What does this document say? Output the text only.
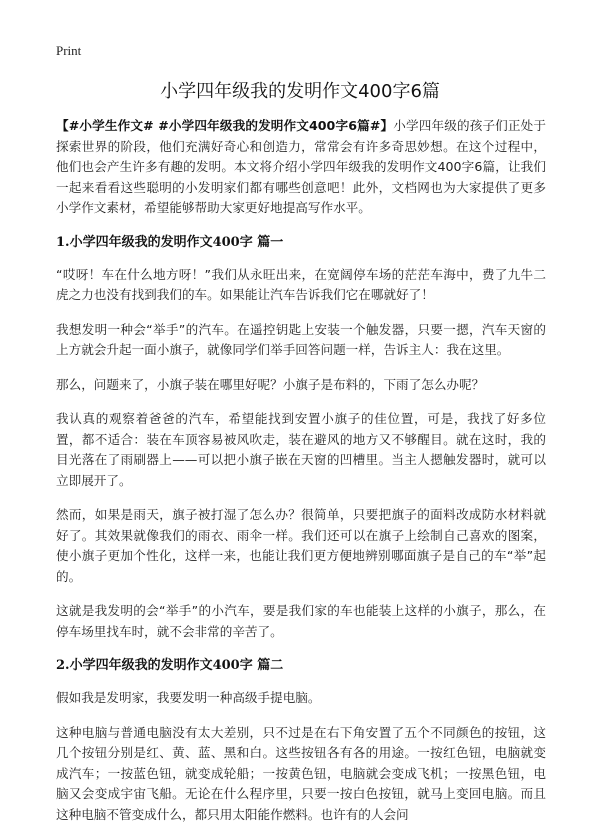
Print
小学四年级我的发明作文400字6篇

【#小学生作文# #小学四年级我的发明作文400字6篇#】小学四年级的孩子们正处于探索世界的阶段，他们充满好奇心和创造力，常常会有许多奇思妙想。在这个过程中，他们也会产生许多有趣的发明。本文将介绍小学四年级我的发明作文400字6篇，让我们一起来看看这些聪明的小发明家们都有哪些创意吧！此外，文档网也为大家提供了更多小学作文素材，希望能够帮助大家更好地提高写作水平。

1.小学四年级我的发明作文400字 篇一

“哎呀！车在什么地方呀！”我们从永旺出来，在宽阔停车场的茫茫车海中，费了九牛二虎之力也没有找到我们的车。如果能让汽车告诉我们它在哪就好了！

我想发明一种会“举手”的汽车。在遥控钥匙上安装一个触发器，只要一摁，汽车天窗的上方就会升起一面小旗子，就像同学们举手回答问题一样，告诉主人：我在这里。

那么，问题来了，小旗子装在哪里好呢？小旗子是布料的，下雨了怎么办呢？

我认真的观察着爸爸的汽车，希望能找到安置小旗子的佳位置，可是，我找了好多位置，都不适合：装在车顶容易被风吹走，装在避风的地方又不够醒目。就在这时，我的目光落在了雨刷器上——可以把小旗子嵌在天窗的凹槽里。当主人摁触发器时，就可以立即展开了。

然而，如果是雨天，旗子被打湿了怎么办？很简单，只要把旗子的面料改成防水材料就好了。其效果就像我们的雨衣、雨伞一样。我们还可以在旗子上绘制自己喜欢的图案，使小旗子更加个性化，这样一来，也能让我们更方便地辨别哪面旗子是自己的车“举”起的。

这就是我发明的会“举手”的小汽车，要是我们家的车也能装上这样的小旗子，那么，在停车场里找车时，就不会非常的辛苦了。

2.小学四年级我的发明作文400字 篇二

假如我是发明家，我要发明一种高级手提电脑。

这种电脑与普通电脑没有太大差别，只不过是在右下角安置了五个不同颜色的按钮，这几个按钮分别是红、黄、蓝、黑和白。这些按钮各有各的用途。一按红色钮，电脑就变成汽车；一按蓝色钮，就变成轮船；一按黄色钮，电脑就会变成飞机；一按黑色钮，电脑又会变成宇宙飞船。无论在什么程序里，只要一按白色按钮，就马上变回电脑。而且这种电脑不管变成什么，都只用太阳能作燃料。也许有的人会问
